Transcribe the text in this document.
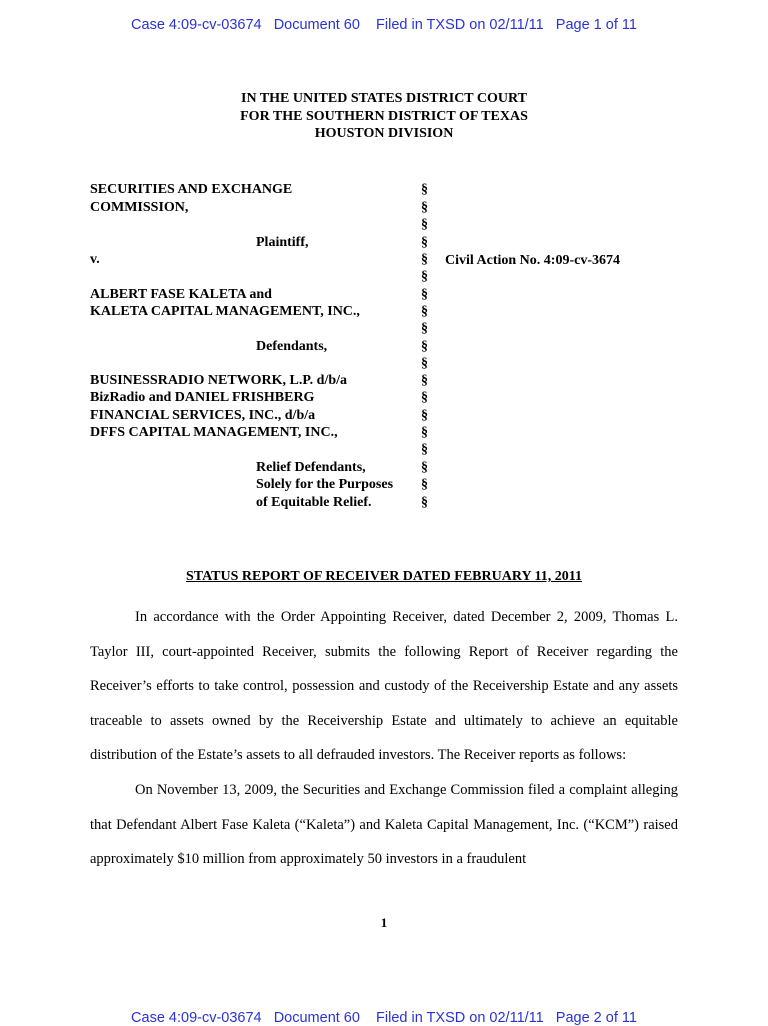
Case 4:09-cv-03674   Document 60    Filed in TXSD on 02/11/11   Page 1 of 11
IN THE UNITED STATES DISTRICT COURT
FOR THE SOUTHERN DISTRICT OF TEXAS
HOUSTON DIVISION
SECURITIES AND EXCHANGE
COMMISSION,
Plaintiff,
v.	Civil Action No. 4:09-cv-3674
ALBERT FASE KALETA and
KALETA CAPITAL MANAGEMENT, INC.,
Defendants,
BUSINESSRADIO NETWORK, L.P. d/b/a
BizRadio and DANIEL FRISHBERG
FINANCIAL SERVICES, INC., d/b/a
DFFS CAPITAL MANAGEMENT, INC.,
Relief Defendants,
Solely for the Purposes
of Equitable Relief.
§
§
§
§
§
§
§
§
§
§
§
§
§
§
§
§
§
§
§
STATUS REPORT OF RECEIVER DATED FEBRUARY 11, 2011

In accordance with the Order Appointing Receiver, dated December 2, 2009, Thomas L. Taylor III, court-appointed Receiver, submits the following Report of Receiver regarding the Receiver’s efforts to take control, possession and custody of the Receivership Estate and any assets traceable to assets owned by the Receivership Estate and ultimately to achieve an equitable distribution of the Estate’s assets to all defrauded investors. The Receiver reports as follows:

On November 13, 2009, the Securities and Exchange Commission filed a complaint alleging that Defendant Albert Fase Kaleta (“Kaleta”) and Kaleta Capital Management, Inc. (“KCM”) raised approximately $10 million from approximately 50 investors in a fraudulent

1
Case 4:09-cv-03674   Document 60    Filed in TXSD on 02/11/11   Page 2 of 11
